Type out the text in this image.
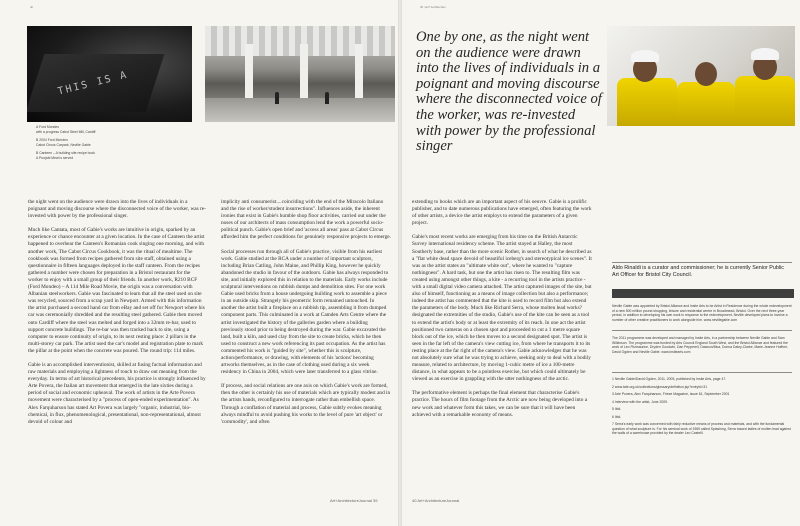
40
THIS IS A
A Ford Mondeo
with a progress Cabot Steel Mill, Cardiff
B 2004 Ford Mondeo
Cabot Circus Carpark, Neville Gabie
B Canteen – A building site recipe book
A Punjabi Meal is served

the night went on the audience were drawn into the lives of individuals in a poignant and moving discourse where the disconnected voice of the worker, was re-invested with power by the professional singer.

Much like Cantata, most of Gabie's works are intuitive in origin, sparked by an experience or chance encounter at a given location. In the case of Canteen the artist happened to overhear the Canteen's Romanian cook singing one morning, and with another work, The Cabot Circus Cookbook, it was the ritual of mealtime. The cookbook was formed from recipes gathered from site staff, obtained using a questionnaire in fifteen languages deployed in the staff canteen. From the recipes gathered a number were chosen for preparation in a Bristol restaurant for the worker to enjoy with a small group of their friends. In another work, R210 BCF (Ford Mondeo) – A 114 Mile Road Movie, the origin was a conversation with Albanian steelworkers. Gabie was fascinated to learn that all the steel used on site was recycled, sourced from a scrap yard in Newport. Armed with this information the artist purchased a second hand car from eBay and set off for Newport where his car was ceremonially shredded and the resulting steel gathered. Gabie then moved onto Cardiff where the steel was melted and forged into a 32mm re-bar, used to support concrete buildings. The re-bar was then tracked back to site, using a computer to ensure continuity of origin, to its next resting place: 2 pillars in the multi-storey car park. The artist used the car's model and registration plate to mark the pillar at the point when the concrete was poured. The round trip: 114 miles.

Gabie is an accomplished interventionist, skilled at fusing factual information and raw materials and employing a lightness of touch to draw out meaning from the everyday. In terms of art historical precedents, his practice is strongly influenced by Arte Povera, the Italian art movement that emerged in the late sixties during a period of social and economic upheaval. The work of artists in the Arte Povera movement were characterised by a "process of open-ended experimentation". As Alex Farquharson has stated Art Povera was largely "organic, industrial, bio-chemical, in flux, phenomenological, presentational, non-representational, almost devoid of colour and

implicity anti consumerist....coinciding with the end of the Miracolo Italiano and the rise of worker/student insurrections". Influences aside, the inherent ironies that exist in Gabie's humble shop floor activities, carried out under the noses of our architects of mass consumption lend the work a powerful socio-political punch. Gabie's open brief and 'access all areas' pass at Cabot Circus afforded him the perfect conditions for genuinely responsive projects to emerge.

Social processes run through all of Gabie's practice, visible from his earliest work. Gabie studied at the RCA under a number of important sculptors, including Brian Catling, John Maine, and Phillip King, however he quickly abandoned the studio in favour of the outdoors. Gabie has always responded to site, and initially explored this in relation to the materials. Early works include sculptural interventions on rubbish dumps and demolition sites. For one work Gabie used bricks from a house undergoing building work to assemble a piece in an outside skip. Strangely his geometric form remained untouched. In another the artist built a fireplace on a rubbish tip, assembling it from dumped component parts. This culminated in a work at Camden Arts Centre where the artist investigated the history of the galleries garden where a building previously stood prior to being destroyed during the war. Gabie excavated the land, built a kiln, and used clay from the site to create bricks, which he then used to construct a new work referencing its past occupation. As the artist has commented his work is "guided by site", whether this is sculpture, action/performance, or drawing, with elements of his 'actions' becoming artworks themselves, as in the case of clothing used during a six week residency in China in 2004, which were later transferred to a glass vitrine.

If process, and social relations are one axis on which Gabie's work are formed, then the other is certainly his use of materials which are typically modest and in the artists hands, reconfigured to interrogate rather than embellish space. Through a conflation of material and process, Gabie subtly evokes meaning always mindful to avoid pushing his works to the level of pure 'art object' or 'commodity', and often

Art+ArchitectureJournal 39
40 | Art+Architecture
One by one, as the night went on the audience were drawn into the lives of individuals in a poignant and moving discourse where the disconnected voice of the worker, was re-invested with power by the professional singer

extending to books which are an important aspect of his oeuvre. Gabie is a prolific publisher, and to date numerous publications have emerged, often featuring the work of other artists, a device the artist employs to extend the parameters of a given project.

Gabie's most recent works are emerging from his time on the British Antarctic Survey international residency scheme. The artist stayed at Halley, the most Southerly base, rather than the more scenic Rother, in search of what he described as a "flat white dead space devoid of beautiful iceberg's and stereotypical ice scenes". It was as the artist states an "ultimate white out", where he wanted to "capture nothingness". A hard task, but one the artist has risen to. The resulting film was created using amongst other things, a kite - a recurring tool in the artists practice - with a small digital video camera attached. The artist captured images of the site, but also of himself, functioning as a means of image collection but also a performance; indeed the artist has commented that the kite is used to record film but also extend the parameters of the body. Much like Richard Serra, whose molten lead works? designated the extremities of the studio, Gabie's use of the kite can be seen as a tool to extend the artist's body or at least the extremity of its reach. In one act the artist positioned two cameras on a chosen spot and proceeded to cut a 1 metre square block out of the ice, which he then moves to a second designated spot. The artist is seen in the far left of the camera's view cutting ice, from where he transports it to its resting place at the far right of the camera's view. Gabie acknowledges that he was not absolutely sure what he was trying to achieve, seeking only to deal with a bodily measure, related to architecture, by moving 1-cubic metre of ice a 100-metre distance, in what appears to be a pointless exercise, but which could ultimately be viewed as an exercise in grappling with the utter nothingness of the arctic.

The performative element is perhaps the final element that characterise Gabie's practice. The hours of film footage from the Arctic are now being developed into a new work and whatever form this takes, we can be sure that it will have been achieved with a remarkable economy of means.

Aldo Rinaldi is a curator and commissioner; he is currently Senior Public Art Officer for Bristol City Council.

Neville Gabie was appointed by Bristol Alliance and Insite Arts to be Artist in Residence during the whole redevelopment of a new 500 million pound shopping, leisure and residential centre in Broadmead, Bristol. Over the next three-year period, in addition to developing his own work in response to the redevelopment, Neville developed plans to involve a number of other creative practitioners to work alongside him. www.nevillegabie.com

The 2011 programme was developed and managed by Insite Arts, in a partnership between Neville Gabie and Sam Wilkinson. The programme was funded by Arts Council England South West, and the Bristol Alliance and featured the work of Leo Fitzmaurice, Dryden Goodwin, Dan Pepperell, Dawson/Mua, Donna Daley-Clarke, Marie-Jeanne Hoffner, David Ogden and Neville Gabie. www.insitearts.com

1 Neville Gabie/David Ogden, 2011, 2005, published by Insite Arts, page 47.

2 www.tate.org.uk/collections/glossary/definition.jsp?entryId=31

3 Arte Povera, Alex Farquharson, Frieze Magazine, issue 61, September 2001

4 Interview with the artist, June 2009.

5 Ibid.

6 Ibid.

7 Serra's early work was concerned with fairly reductive means of process and materials, and with the fundamental question of what sculpture is. For his seminal work of 1969 called Splashing, Serra tossed ladles of molten lead against the walls of a warehouse provided by the dealer Leo Castelli.

40 Art+ArchitectureJournal
